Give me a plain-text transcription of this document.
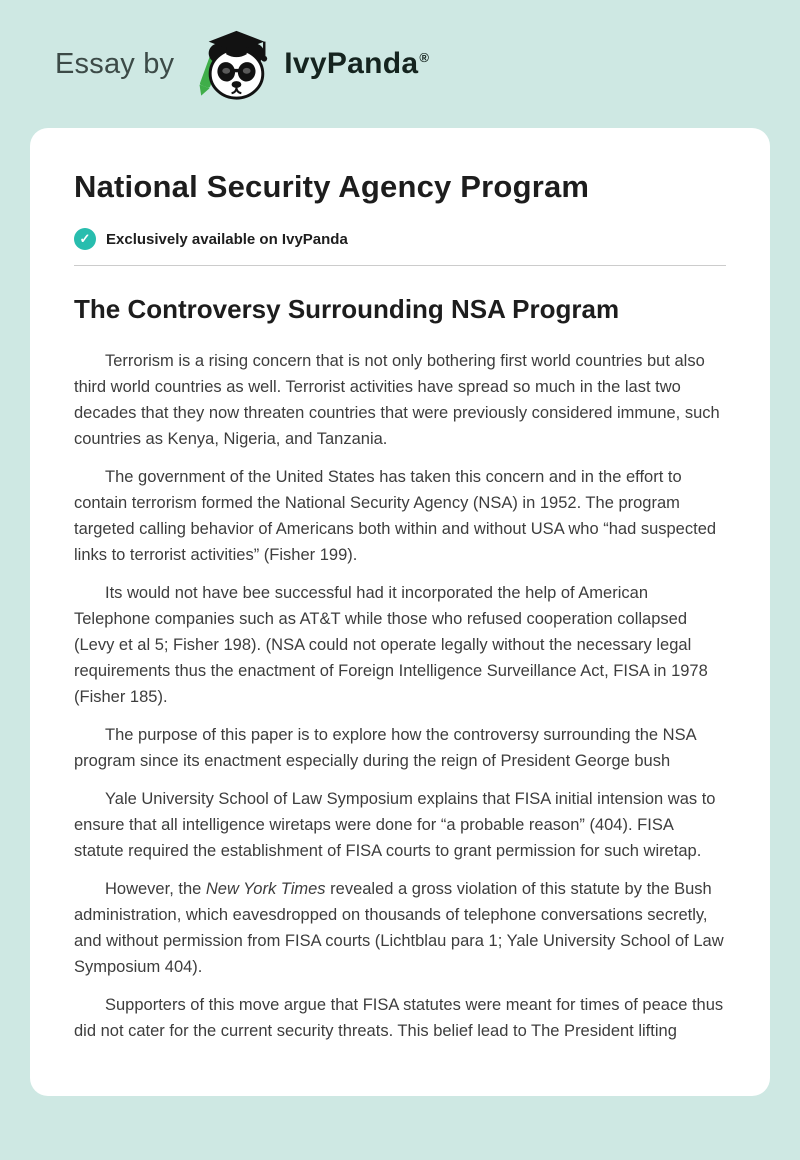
Essay by	IvyPanda®
National Security Agency Program
✓	Exclusively available on IvyPanda
The Controversy Surrounding NSA Program

Terrorism is a rising concern that is not only bothering first world countries but also third world countries as well. Terrorist activities have spread so much in the last two decades that they now threaten countries that were previously considered immune, such countries as Kenya, Nigeria, and Tanzania.

The government of the United States has taken this concern and in the effort to contain terrorism formed the National Security Agency (NSA) in 1952. The program targeted calling behavior of Americans both within and without USA who “had suspected links to terrorist activities” (Fisher 199).

Its would not have bee successful had it incorporated the help of American Telephone companies such as AT&T while those who refused cooperation collapsed (Levy et al 5; Fisher 198). (NSA could not operate legally without the necessary legal requirements thus the enactment of Foreign Intelligence Surveillance Act, FISA in 1978 (Fisher 185).

The purpose of this paper is to explore how the controversy surrounding the NSA program since its enactment especially during the reign of President George bush

Yale University School of Law Symposium explains that FISA initial intension was to ensure that all intelligence wiretaps were done for “a probable reason” (404). FISA statute required the establishment of FISA courts to grant permission for such wiretap.

However, the New York Times revealed a gross violation of this statute by the Bush administration, which eavesdropped on thousands of telephone conversations secretly, and without permission from FISA courts (Lichtblau para 1; Yale University School of Law Symposium 404).

Supporters of this move argue that FISA statutes were meant for times of peace thus did not cater for the current security threats. This belief lead to The President lifting
